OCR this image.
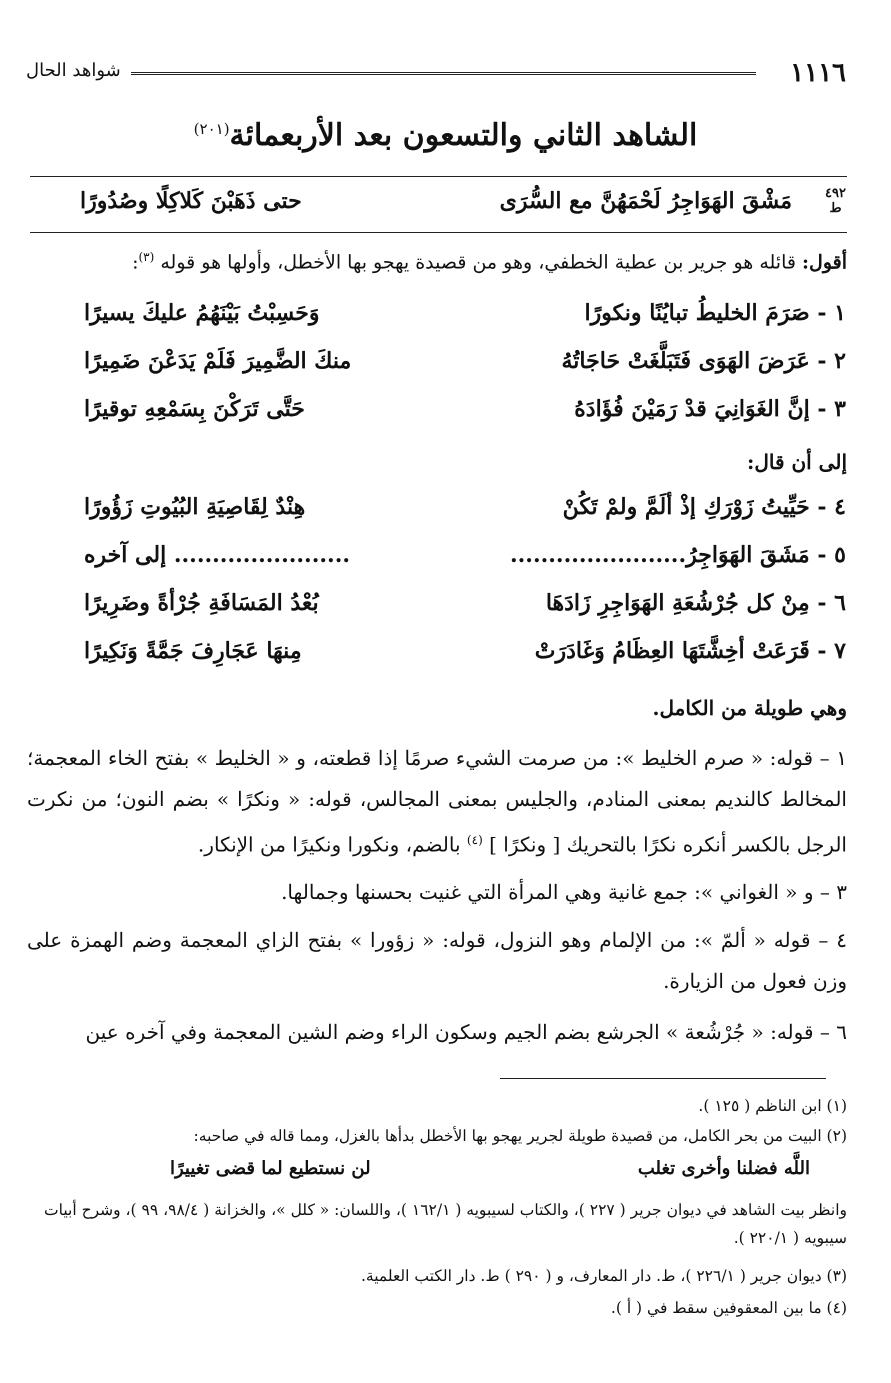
١١١٦
شواهد الحال
الشاهد الثاني والتسعون بعد الأربعمائة$^{(٢٠١)}$
٤٩٢
ط
مَشْقَ الهَوَاجِرُ لَحْمَهُنَّ مع السُّرَى
حتى ذَهَبْنَ كَلاكِلًا وصُدُورًا
أقول: قائله هو جرير بن عطية الخطفي، وهو من قصيدة يهجو بها الأخطل، وأولها هو قوله $^{(٣)}$:
١ - صَرَمَ الخليطُ تبايُنًا ونكورًا
وَحَسِبْتُ بَيْنَهُمُ عليكَ يسيرًا
٢ - عَرَضَ الهَوَى فَتَبَلَّغَتْ حَاجَاتُهُ
منكَ الضَّمِيرَ فَلَمْ يَدَعْنَ ضَمِيرًا
٣ - إنَّ الغَوَانِيَ قدْ رَمَيْنَ فُؤَادَهُ
حَتَّى تَرَكْنَ بِسَمْعِهِ توقيرًا
إلى أن قال:
٤ - حَيِّيتُ زَوْرَكِ إذْ ألَمَّ ولمْ تَكُنْ
هِنْدٌ لِقَاصِيَةِ البُيُوتِ زَؤُورًا
٥ - مَشَقَ الهَوَاجِرُ.......................
....................... إلى آخره
٦ - مِنْ كل جُرْشُعَةِ الهَوَاجِرِ زَادَهَا
بُعْدُ المَسَافَةِ جُرْأةً وضَرِيرًا
٧ - قَرَعَتْ أخِشَّتَهَا العِظَامُ وَغَادَرَتْ
مِنهَا عَجَارِفَ جَمَّةً وَنَكِيرًا
وهي طويلة من الكامل.
١ – قوله: « صرم الخليط »: من صرمت الشيء صرمًا إذا قطعته، و « الخليط » بفتح الخاء المعجمة؛ المخالط كالنديم بمعنى المنادم، والجليس بمعنى المجالس، قوله: « ونكرًا » بضم النون؛ من نكرت الرجل بالكسر أنكره نكرًا بالتحريك [ ونكرًا ] $^{(٤)}$ بالضم، ونكورا ونكيرًا من الإنكار.
٣ – و « الغواني »: جمع غانية وهي المرأة التي غنيت بحسنها وجمالها.
٤ – قوله « ألمّ »: من الإلمام وهو النزول، قوله: « زؤورا » بفتح الزاي المعجمة وضم الهمزة على وزن فعول من الزيارة.
٦ – قوله: « جُرْشُعة » الجرشع بضم الجيم وسكون الراء وضم الشين المعجمة وفي آخره عين
(١) ابن الناظم ( ١٢٥ ).
(٢) البيت من بحر الكامل، من قصيدة طويلة لجرير يهجو بها الأخطل بدأها بالغزل، ومما قاله في صاحبه:
اللَّه فضلنا وأخرى تغلب
لن نستطيع لما قضى تغييرًا
وانظر بيت الشاهد في ديوان جرير ( ٢٢٧ )، والكتاب لسيبويه ( ١٦٢/١ )، واللسان: « كلل »، والخزانة ( ٩٨/٤، ٩٩ )، وشرح أبيات سيبويه ( ٢٢٠/١ ).
(٣) ديوان جرير ( ٢٢٦/١ )، ط. دار المعارف، و ( ٢٩٠ ) ط. دار الكتب العلمية.
(٤) ما بين المعقوفين سقط في ( أ ).
